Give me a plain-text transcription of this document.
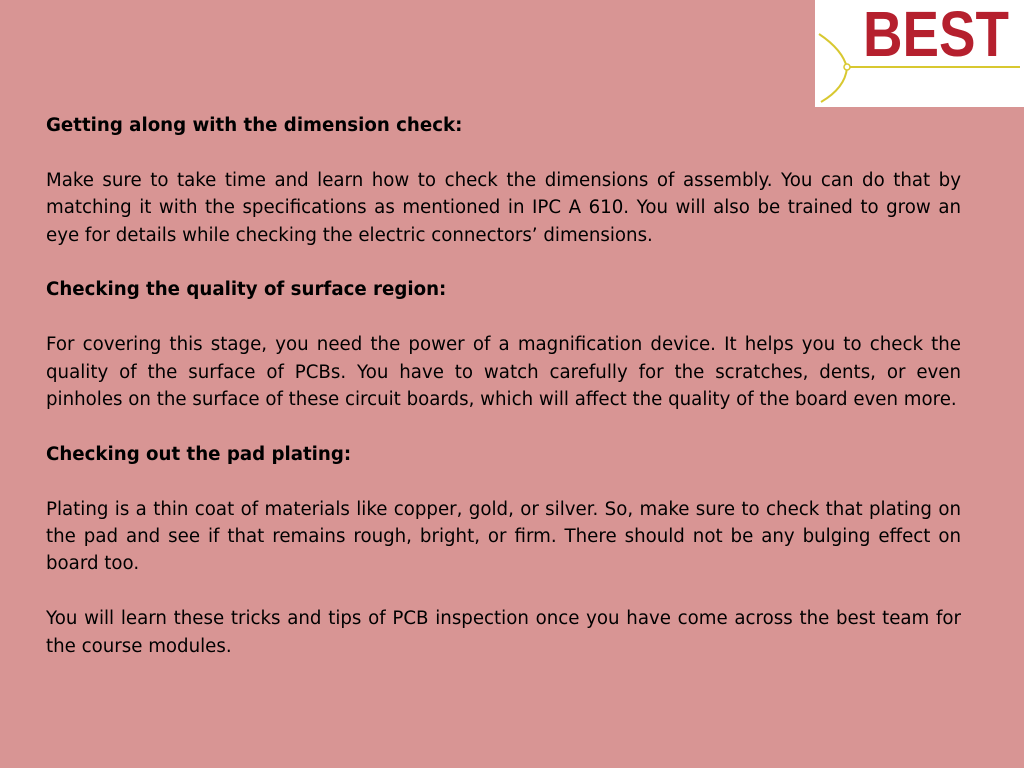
BEST
Getting along with the dimension check:
Make sure to take time and learn how to check the dimensions of assembly. You can do that by matching it with the specifications as mentioned in IPC A 610. You will also be trained to grow an eye for details while checking the electric connectors’ dimensions.
Checking the quality of surface region:
For covering this stage, you need the power of a magnification device. It helps you to check the quality of the surface of PCBs. You have to watch carefully for the scratches, dents, or even pinholes on the surface of these circuit boards, which will affect the quality of the board even more.
Checking out the pad plating:
Plating is a thin coat of materials like copper, gold, or silver. So, make sure to check that plating on the pad and see if that remains rough, bright, or firm. There should not be any bulging effect on board too.
You will learn these tricks and tips of PCB inspection once you have come across the best team for the course modules.
